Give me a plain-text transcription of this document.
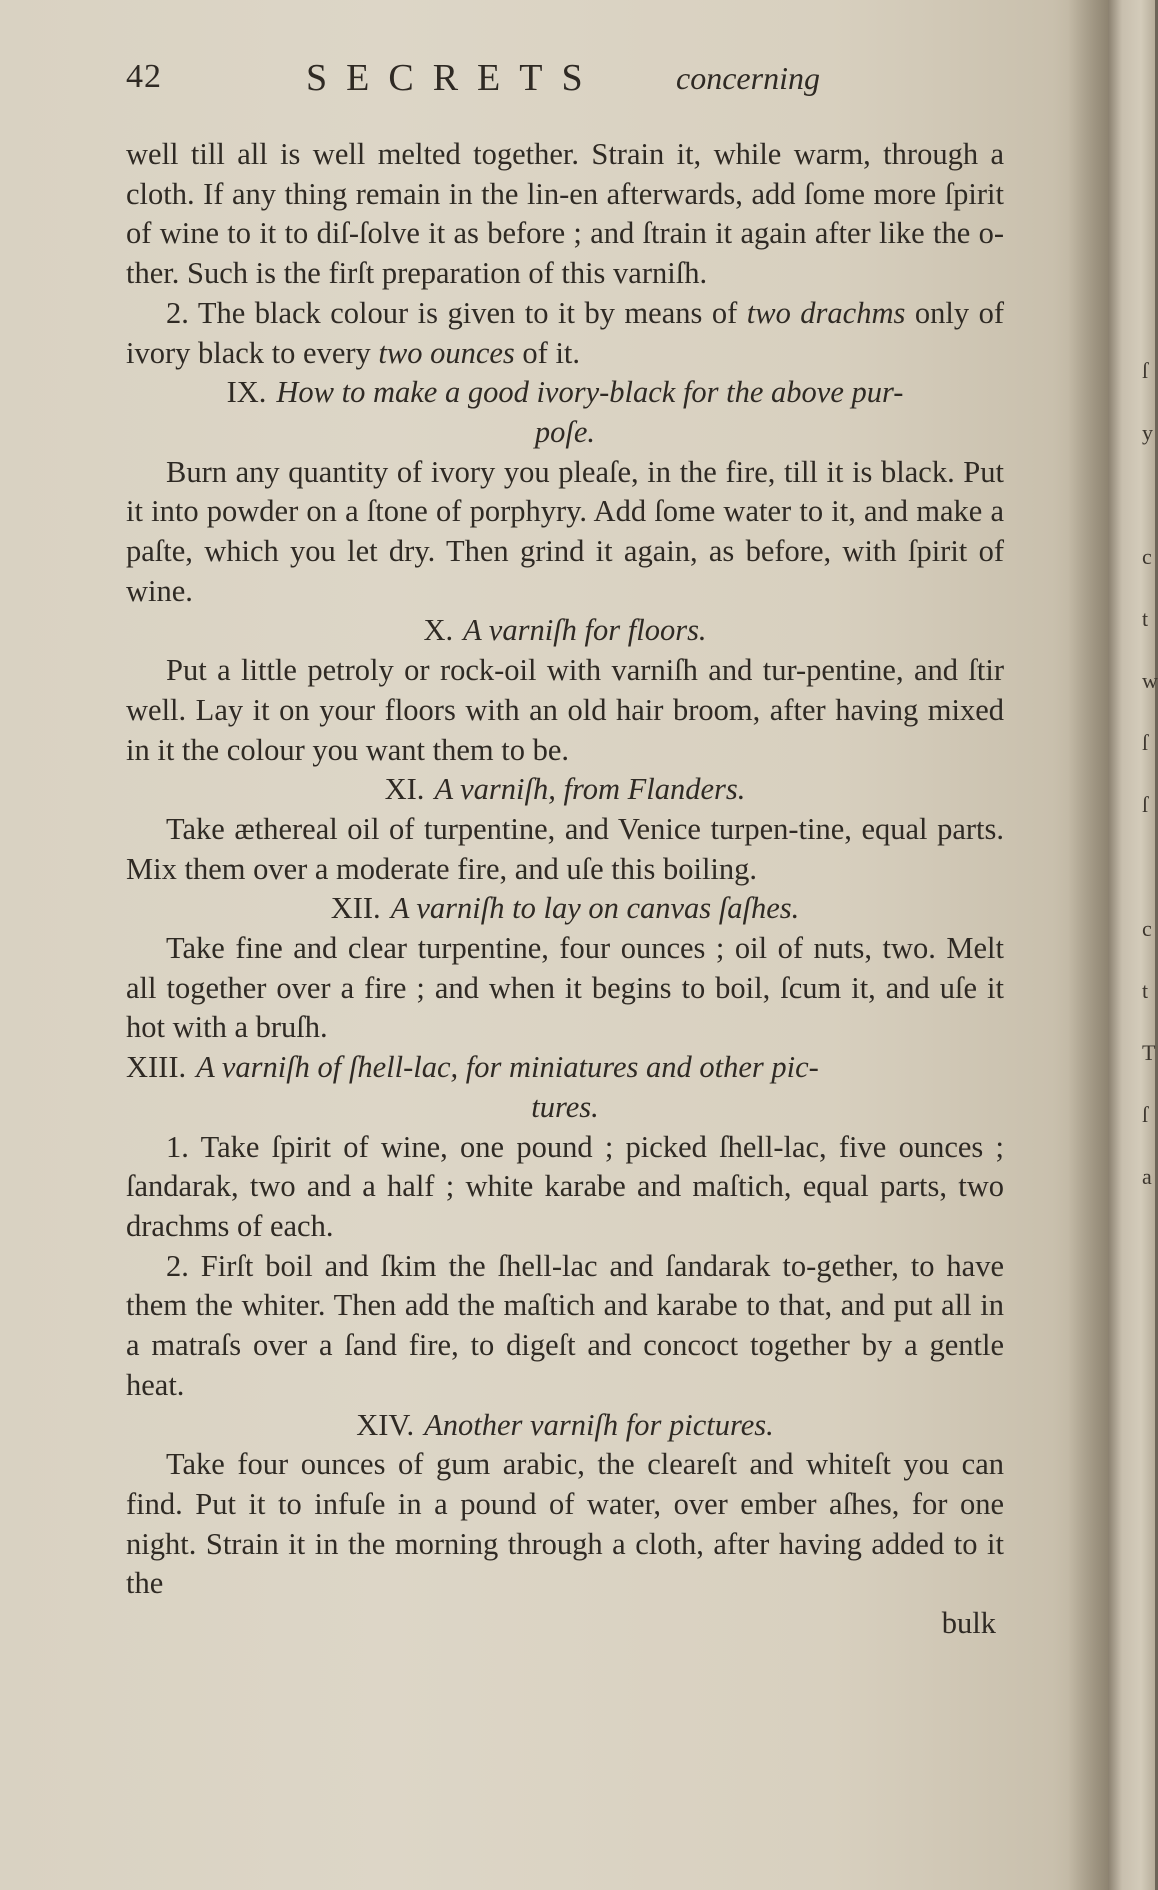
42	SECRETS concerning

well till all is well melted together. Strain it, while warm, through a cloth. If any thing remain in the lin-en afterwards, add ſome more ſpirit of wine to it to diſ-ſolve it as before ; and ſtrain it again after like the o-ther. Such is the firſt preparation of this varniſh.

2. The black colour is given to it by means of two drachms only of ivory black to every two ounces of it.

IX. How to make a good ivory-black for the above pur-

poſe.

Burn any quantity of ivory you pleaſe, in the fire, till it is black. Put it into powder on a ſtone of porphyry. Add ſome water to it, and make a paſte, which you let dry. Then grind it again, as before, with ſpirit of wine.

X. A varniſh for floors.

Put a little petroly or rock-oil with varniſh and tur-pentine, and ſtir well. Lay it on your floors with an old hair broom, after having mixed in it the colour you want them to be.

XI. A varniſh, from Flanders.

Take æthereal oil of turpentine, and Venice turpen-tine, equal parts. Mix them over a moderate fire, and uſe this boiling.

XII. A varniſh to lay on canvas ſaſhes.

Take fine and clear turpentine, four ounces ; oil of nuts, two. Melt all together over a fire ; and when it begins to boil, ſcum it, and uſe it hot with a bruſh.

XIII. A varniſh of ſhell-lac, for miniatures and other pic-

tures.

1. Take ſpirit of wine, one pound ; picked ſhell-lac, five ounces ; ſandarak, two and a half ; white karabe and maſtich, equal parts, two drachms of each.

2. Firſt boil and ſkim the ſhell-lac and ſandarak to-gether, to have them the whiter. Then add the maſtich and karabe to that, and put all in a matraſs over a ſand fire, to digeſt and concoct together by a gentle heat.

XIV. Another varniſh for pictures.

Take four ounces of gum arabic, the cleareſt and whiteſt you can find. Put it to infuſe in a pound of water, over ember aſhes, for one night. Strain it in the morning through a cloth, after having added to it the

bulk

ſ
y

c
t
w
ſ
ſ

c
t
T
ſ
a
